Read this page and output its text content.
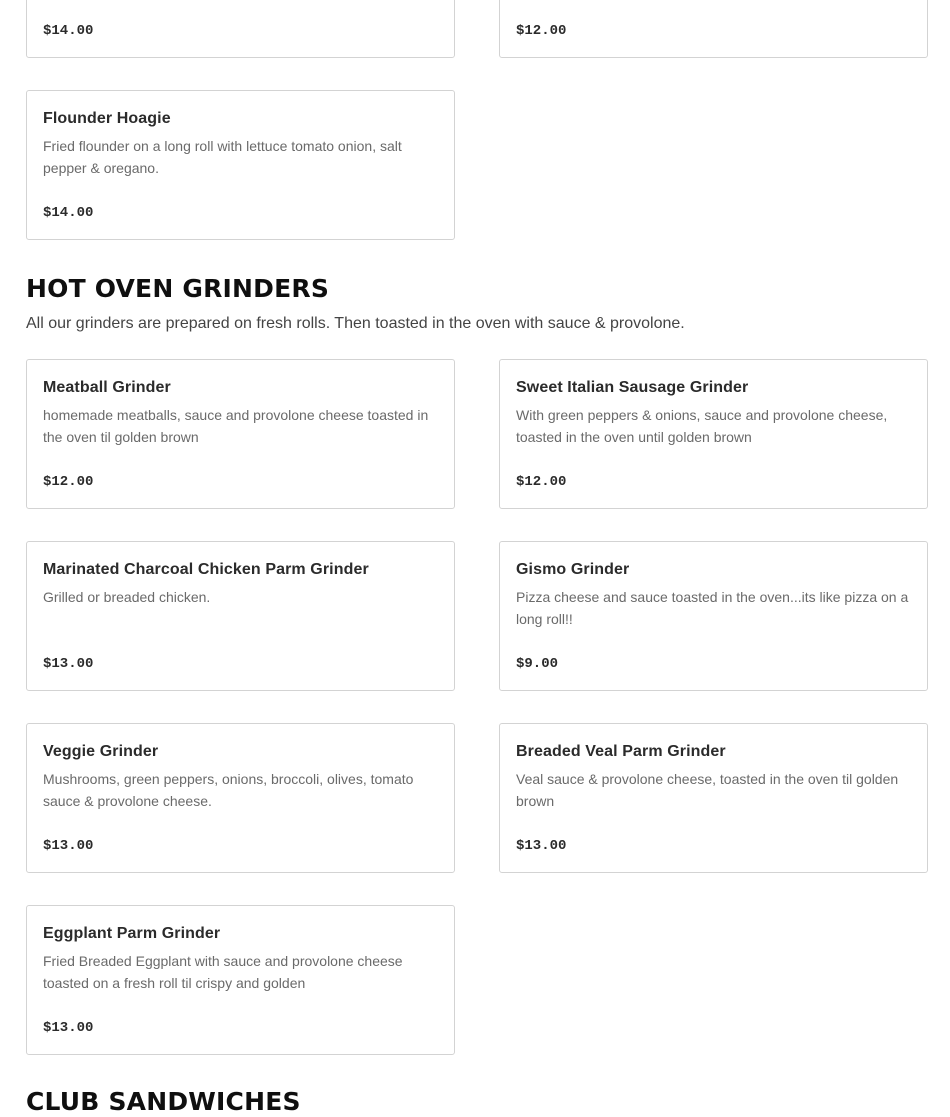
$14.00	$12.00
Flounder Hoagie
Fried flounder on a long roll with lettuce tomato onion, salt pepper & oregano.
$14.00
HOT OVEN GRINDERS
All our grinders are prepared on fresh rolls. Then toasted in the oven with sauce & provolone.
Meatball Grinder
homemade meatballs, sauce and provolone cheese toasted in the oven til golden brown
$12.00
Sweet Italian Sausage Grinder
With green peppers & onions, sauce and provolone cheese, toasted in the oven until golden brown
$12.00
Marinated Charcoal Chicken Parm Grinder
Grilled or breaded chicken.
$13.00
Gismo Grinder
Pizza cheese and sauce toasted in the oven...its like pizza on a long roll!!
$9.00
Veggie Grinder
Mushrooms, green peppers, onions, broccoli, olives, tomato sauce & provolone cheese.
$13.00
Breaded Veal Parm Grinder
Veal sauce & provolone cheese, toasted in the oven til golden brown
$13.00
Eggplant Parm Grinder
Fried Breaded Eggplant with sauce and provolone cheese toasted on a fresh roll til crispy and golden
$13.00
CLUB SANDWICHES
